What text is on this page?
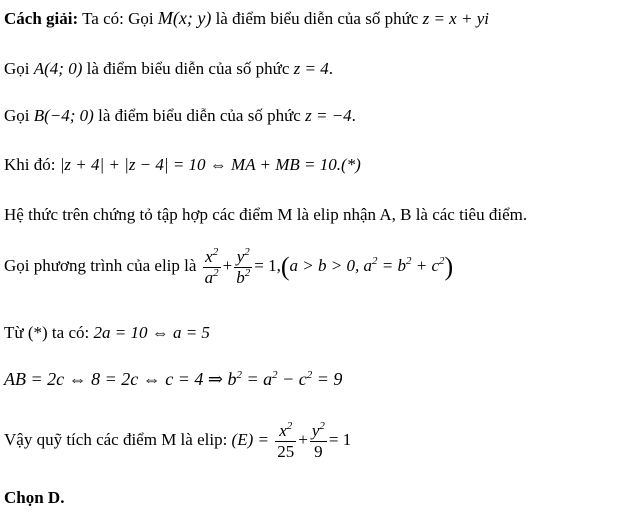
Cách giải: Ta có: Gọi M(x; y) là điểm biểu diễn của số phức z = x + yi
Gọi A(4; 0) là điểm biểu diễn của số phức z = 4.
Gọi B(−4; 0) là điểm biểu diễn của số phức z = −4.
Khi đó: |z + 4| + |z − 4| = 10 ⇔ MA + MB = 10.(*)
Hệ thức trên chứng tỏ tập hợp các điểm M là elip nhận A, B là các tiêu điểm.
Gọi phương trình của elip là $\frac{x^2}{a^2} + \frac{y^2}{b^2} = 1,(a > b > 0$, $a^2 = b^2 + c^2$)
Từ (*) ta có: 2a = 10 ⇔ a = 5
AB = 2c ⇔ 8 = 2c ⇔ c = 4 ⇒ $b^2 = a^2 - c^2 = 9$
Vậy quỹ tích các điểm M là elip: $(E) = \frac{x^2}{25} + \frac{y^2}{9} = 1$
Chọn D.
